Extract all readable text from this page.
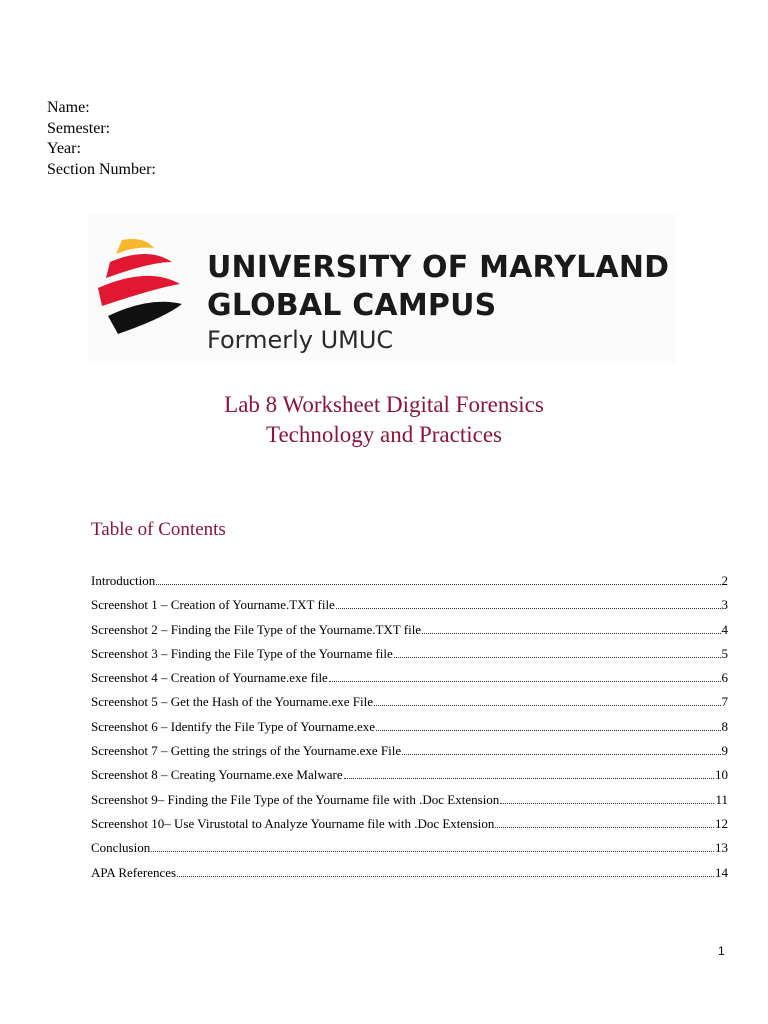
Name:
Semester:
Year:
Section Number:
UNIVERSITY OF MARYLAND
GLOBAL CAMPUS
Formerly UMUC
Lab 8 Worksheet Digital Forensics
Technology and Practices
Table of Contents
Introduction	2
Screenshot 1 – Creation of Yourname.TXT file	3
Screenshot 2 – Finding the File Type of the Yourname.TXT file	4
Screenshot 3 – Finding the File Type of the Yourname file	5
Screenshot 4 – Creation of Yourname.exe file	6
Screenshot 5 – Get the Hash of the Yourname.exe File	7
Screenshot 6 – Identify the File Type of Yourname.exe	8
Screenshot 7 – Getting the strings of the Yourname.exe File	9
Screenshot 8 – Creating Yourname.exe Malware	10
Screenshot 9– Finding the File Type of the Yourname file with .Doc Extension	11
Screenshot 10– Use Virustotal to Analyze Yourname file with .Doc Extension	12
Conclusion	13
APA References	14
1
